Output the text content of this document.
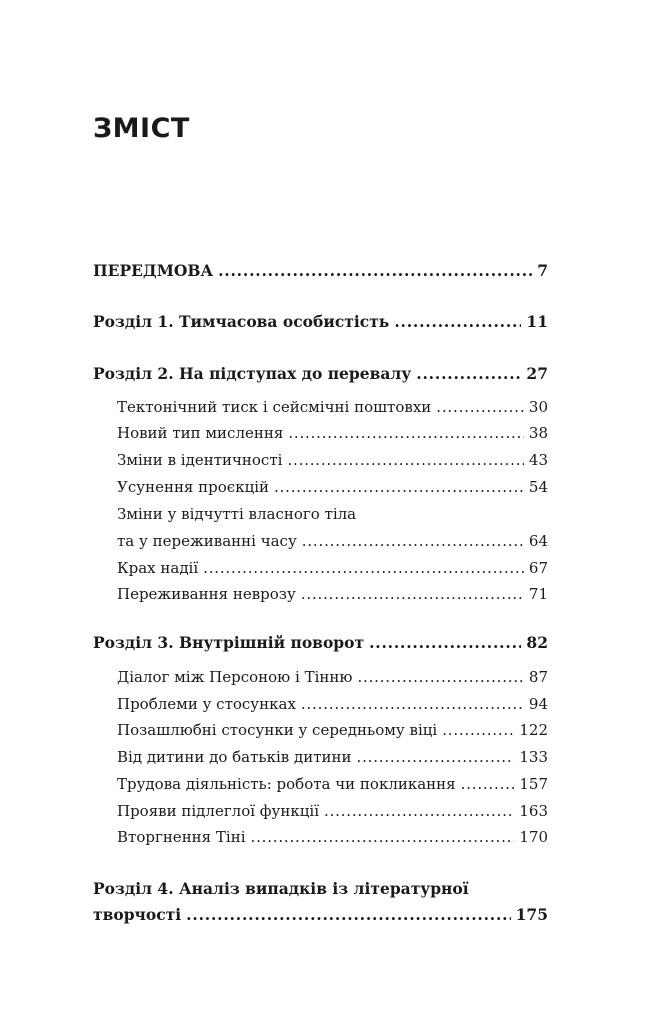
ЗМІСТ
ПЕРЕДМОВА .....	7
Розділ 1. Тимчасова особистість .....	11
Розділ 2. На підступах до перевалу .....	27
Тектонічний тиск і сейсмічні поштовхи .....	30
Новий тип мислення .....	38
Зміни в ідентичності .....	43
Усунення проєкцій .....	54
Зміни у відчутті власного тіла
та у переживанні часу .....	64
Крах надії .....	67
Переживання неврозу .....	71
Розділ 3. Внутрішній поворот .....	82
Діалог між Персоною і Тінню .....	87
Проблеми у стосунках .....	94
Позашлюбні стосунки у середньому віці .....	122
Від дитини до батьків дитини .....	133
Трудова діяльність: робота чи покликання .....	157
Прояви підлеглої функції .....	163
Вторгнення Тіні .....	170
Розділ 4. Аналіз випадків із літературної
творчості .....	175
